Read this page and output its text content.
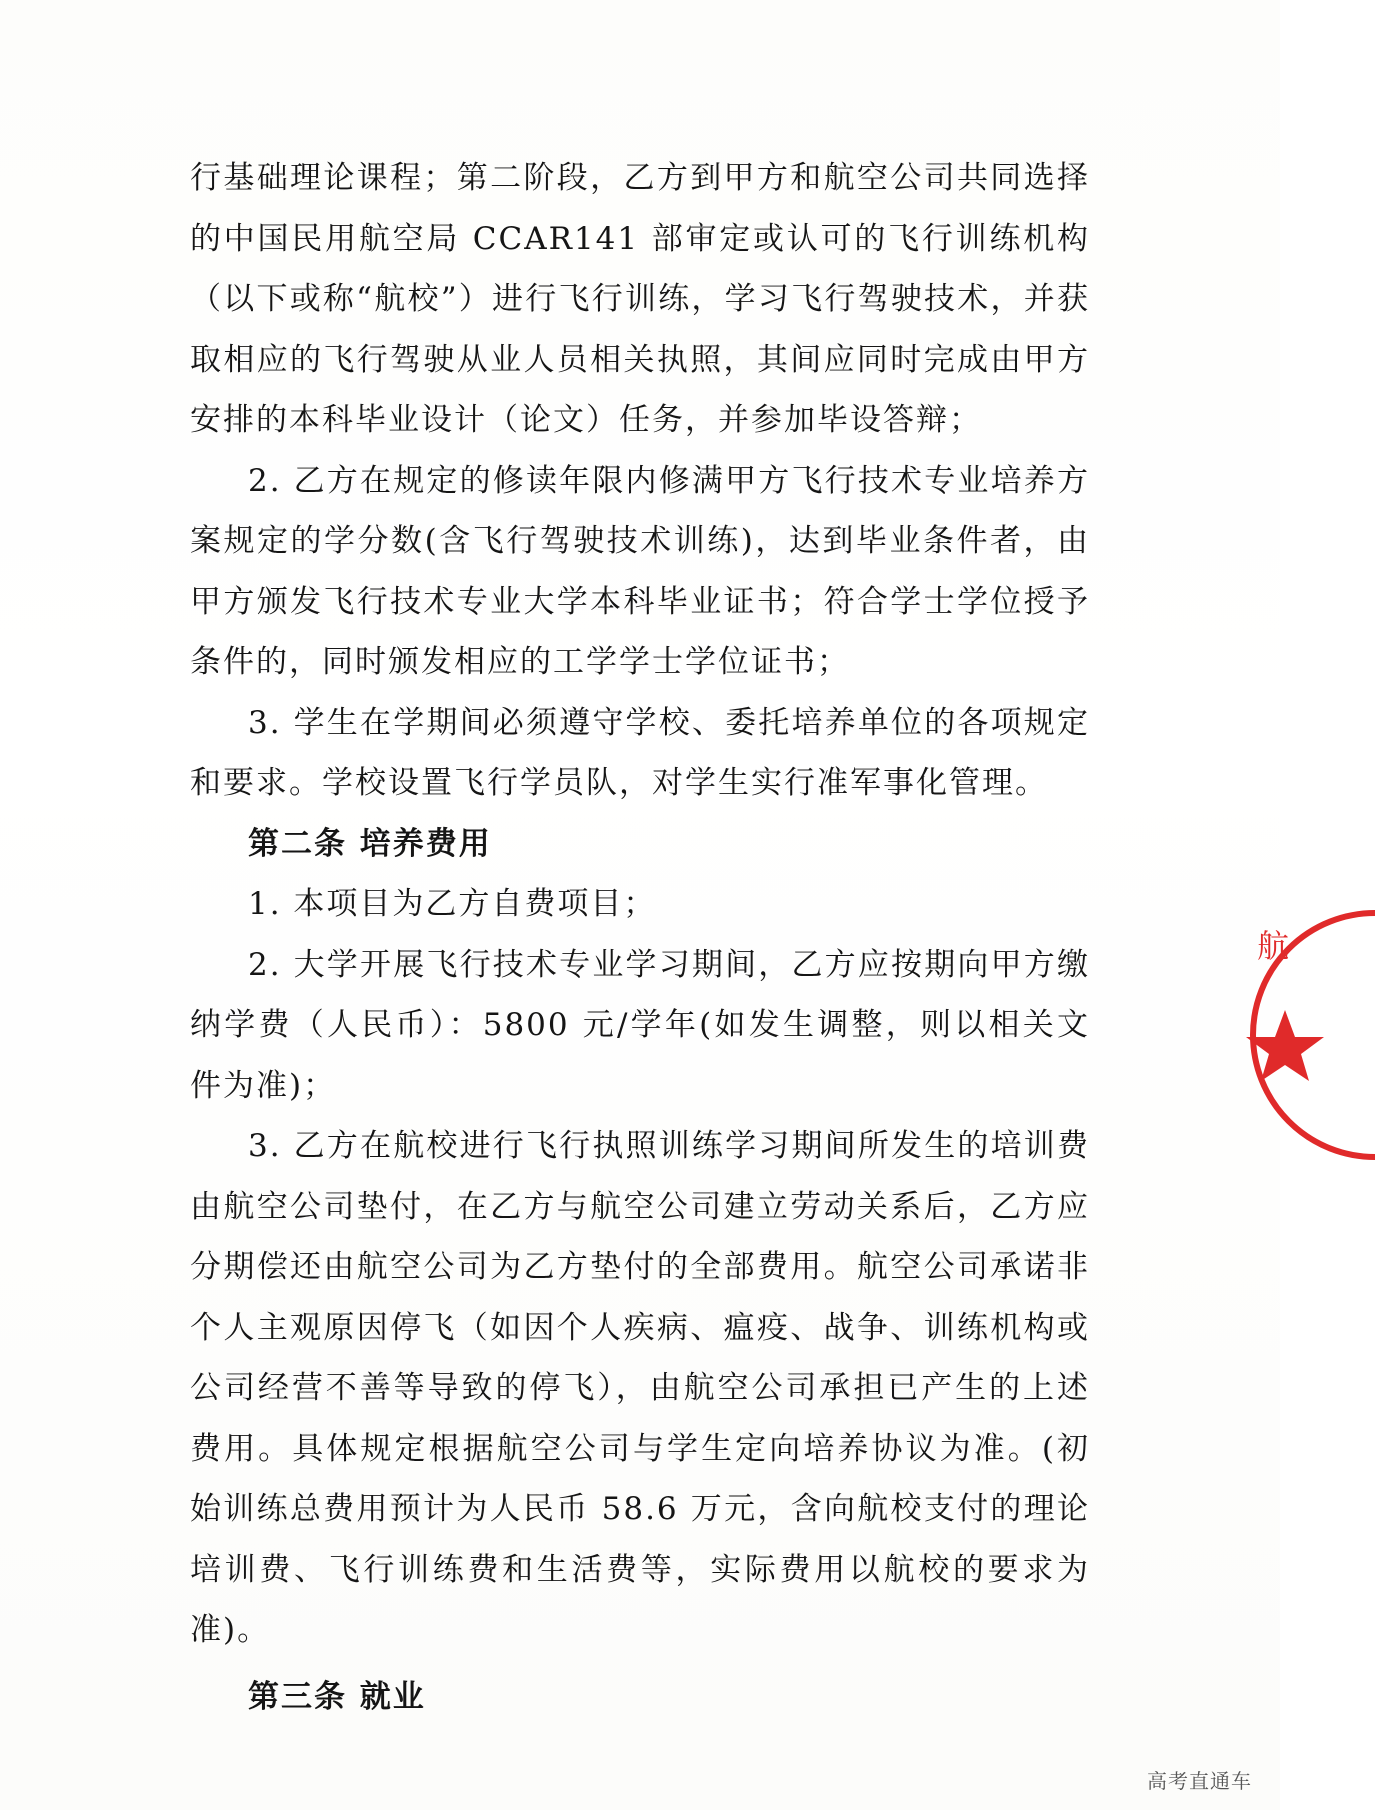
行基础理论课程；第二阶段，乙方到甲方和航空公司共同选择的中国民用航空局 CCAR141 部审定或认可的飞行训练机构（以下或称“航校”）进行飞行训练，学习飞行驾驶技术，并获取相应的飞行驾驶从业人员相关执照，其间应同时完成由甲方安排的本科毕业设计（论文）任务，并参加毕设答辩；

2. 乙方在规定的修读年限内修满甲方飞行技术专业培养方案规定的学分数(含飞行驾驶技术训练)，达到毕业条件者，由甲方颁发飞行技术专业大学本科毕业证书；符合学士学位授予条件的，同时颁发相应的工学学士学位证书；

3. 学生在学期间必须遵守学校、委托培养单位的各项规定和要求。学校设置飞行学员队，对学生实行准军事化管理。

第二条 培养费用

1. 本项目为乙方自费项目；

2. 大学开展飞行技术专业学习期间，乙方应按期向甲方缴纳学费（人民币）：5800 元/学年(如发生调整，则以相关文件为准)；

3. 乙方在航校进行飞行执照训练学习期间所发生的培训费由航空公司垫付，在乙方与航空公司建立劳动关系后，乙方应分期偿还由航空公司为乙方垫付的全部费用。航空公司承诺非个人主观原因停飞（如因个人疾病、瘟疫、战争、训练机构或公司经营不善等导致的停飞），由航空公司承担已产生的上述费用。具体规定根据航空公司与学生定向培养协议为准。(初始训练总费用预计为人民币 58.6 万元，含向航校支付的理论培训费、飞行训练费和生活费等，实际费用以航校的要求为准)。

第三条 就业

航
高考直通车
